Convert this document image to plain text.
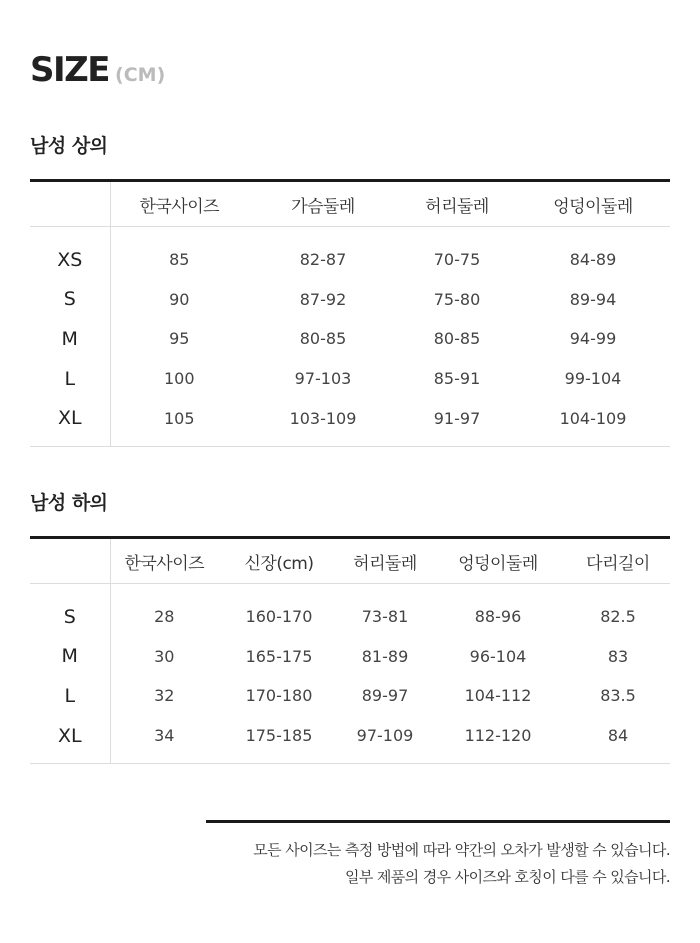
SIZE (CM)
남성 상의
	한국사이즈	가슴둘레	허리둘레	엉덩이둘레

XS	85	82-87	70-75	84-89
S	90	87-92	75-80	89-94
M	95	80-85	80-85	94-99
L	100	97-103	85-91	99-104
XL	105	103-109	91-97	104-109

남성 하의
	한국사이즈	신장(cm)	허리둘레	엉덩이둘레	다리길이

S	28	160-170	73-81	88-96	82.5
M	30	165-175	81-89	96-104	83
L	32	170-180	89-97	104-112	83.5
XL	34	175-185	97-109	112-120	84

모든 사이즈는 측정 방법에 따라 약간의 오차가 발생할 수 있습니다.
일부 제품의 경우 사이즈와 호칭이 다를 수 있습니다.
